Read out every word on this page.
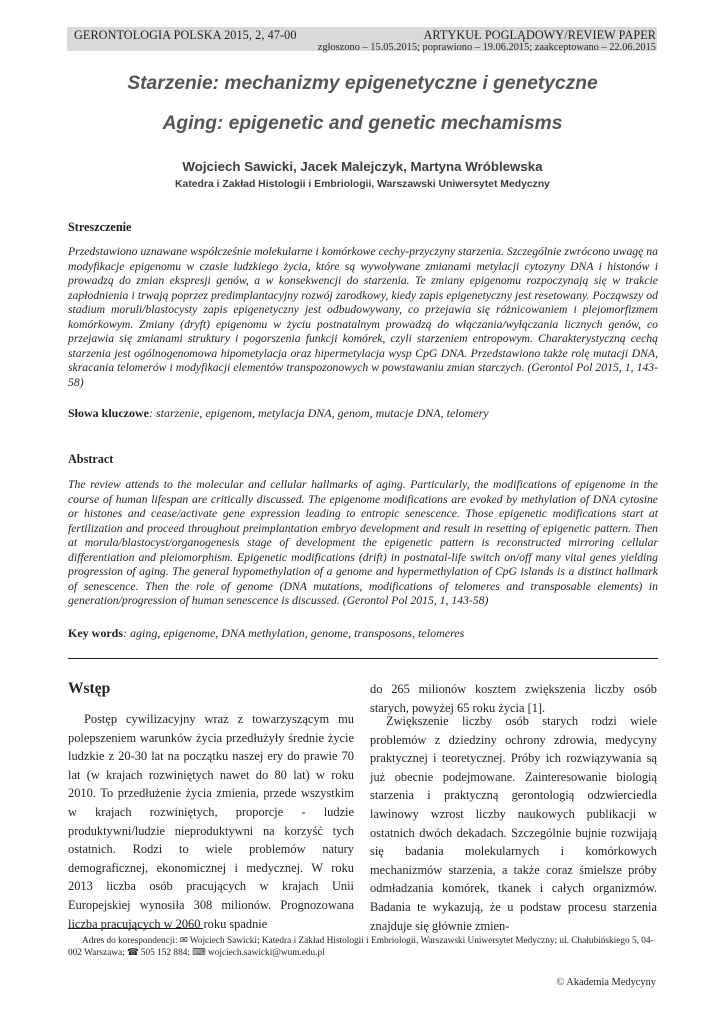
GERONTOLOGIA POLSKA 2015, 2, 47-00	ARTYKUŁ POGLĄDOWY/REVIEW PAPER
zgłoszono – 15.05.2015; poprawiono – 19.06.2015; zaakceptowano – 22.06.2015
Starzenie: mechanizmy epigenetyczne i genetyczne
Aging: epigenetic and genetic mechamisms
Wojciech Sawicki, Jacek Malejczyk, Martyna Wróblewska
Katedra i Zakład Histologii i Embriologii, Warszawski Uniwersytet Medyczny
Streszczenie

Przedstawiono uznawane współcześnie molekularne i komórkowe cechy-przyczyny starzenia. Szczególnie zwrócono uwagę na modyfikacje epigenomu w czasie ludzkiego życia, które są wywoływane zmianami metylacji cytozyny DNA i histonów i prowadzą do zmian ekspresji genów, a w konsekwencji do starzenia. Te zmiany epigenomu rozpoczynają się w trakcie zapłodnienia i trwają poprzez predimplantacyjny rozwój zarodkowy, kiedy zapis epigenetyczny jest resetowany. Począwszy od stadium moruli/blastocysty zapis epigenetyczny jest odbudowywany, co przejawia się różnicowaniem i plejomorfizmem komórkowym. Zmiany (dryft) epigenomu w życiu postnatalnym prowadzą do włączania/wyłączania licznych genów, co przejawia się zmianami struktury i pogorszenia funkcji komórek, czyli starzeniem entropowym. Charakterystyczną cechą starzenia jest ogólnogenomowa hipometylacja oraz hipermetylacja wysp CpG DNA. Przedstawiono także rolę mutacji DNA, skracania telomerów i modyfikacji elementów transpozonowych w powstawaniu zmian starczych. (Gerontol Pol 2015, 1, 143-58)

Słowa kluczowe: starzenie, epigenom, metylacja DNA, genom, mutacje DNA, telomery
Abstract

The review attends to the molecular and cellular hallmarks of aging. Particularly, the modifications of epigenome in the course of human lifespan are critically discussed. The epigenome modifications are evoked by methylation of DNA cytosine or histones and cease/activate gene expression leading to entropic senescence. Those epigenetic modifications start at fertilization and proceed throughout preimplantation embryo development and result in resetting of epigenetic pattern. Then at morula/blastocyst/organogenesis stage of development the epigenetic pattern is reconstructed mirroring cellular differentiation and pleiomorphism. Epigenetic modifications (drift) in postnatal-life switch on/off many vital genes yielding progression of aging. The general hypomethylation of a genome and hypermethylation of CpG islands is a distinct hallmark of senescence. Then the role of genome (DNA mutations, modifications of telomeres and transposable elements) in generation/progression of human senescence is discussed. (Gerontol Pol 2015, 1, 143-58)

Key words: aging, epigenome, DNA methylation, genome, transposons, telomeres
Wstęp

Postęp cywilizacyjny wraz z towarzyszącym mu polepszeniem warunków życia przedłużyły średnie życie ludzkie z 20-30 lat na początku naszej ery do prawie 70 lat (w krajach rozwiniętych nawet do 80 lat) w roku 2010. To przedłużenie życia zmienia, przede wszystkim w krajach rozwiniętych, proporcje - ludzie produktywni/ludzie nieproduktywni na korzyść tych ostatnich. Rodzi to wiele problemów natury demograficznej, ekonomicznej i medycznej. W roku 2013 liczba osób pracujących w krajach Unii Europejskiej wynosiła 308 milionów. Prognozowana liczba pracujących w 2060 roku spadnie

do 265 milionów kosztem zwiększenia liczby osób starych, powyżej 65 roku życia [1].

Zwiększenie liczby osób starych rodzi wiele problemów z dziedziny ochrony zdrowia, medycyny praktycznej i teoretycznej. Próby ich rozwiązywania są już obecnie podejmowane. Zainteresowanie biologią starzenia i praktyczną gerontologią odzwierciedla lawinowy wzrost liczby naukowych publikacji w ostatnich dwóch dekadach. Szczególnie bujnie rozwijają się badania molekularnych i komórkowych mechanizmów starzenia, a także coraz śmielsze próby odmładzania komórek, tkanek i całych organizmów. Badania te wykazują, że u podstaw procesu starzenia znajduje się głównie zmien-

Adres do korespondencji: ✉ Wojciech Sawicki; Katedra i Zakład Histologii i Embriologii, Warszawski Uniwersytet Medyczny; ul. Chałubińskiego 5, 04-002 Warszawa; ☎ 505 152 884; ⌨ wojciech.sawicki@wum.edu.pl

© Akademia Medycyny
